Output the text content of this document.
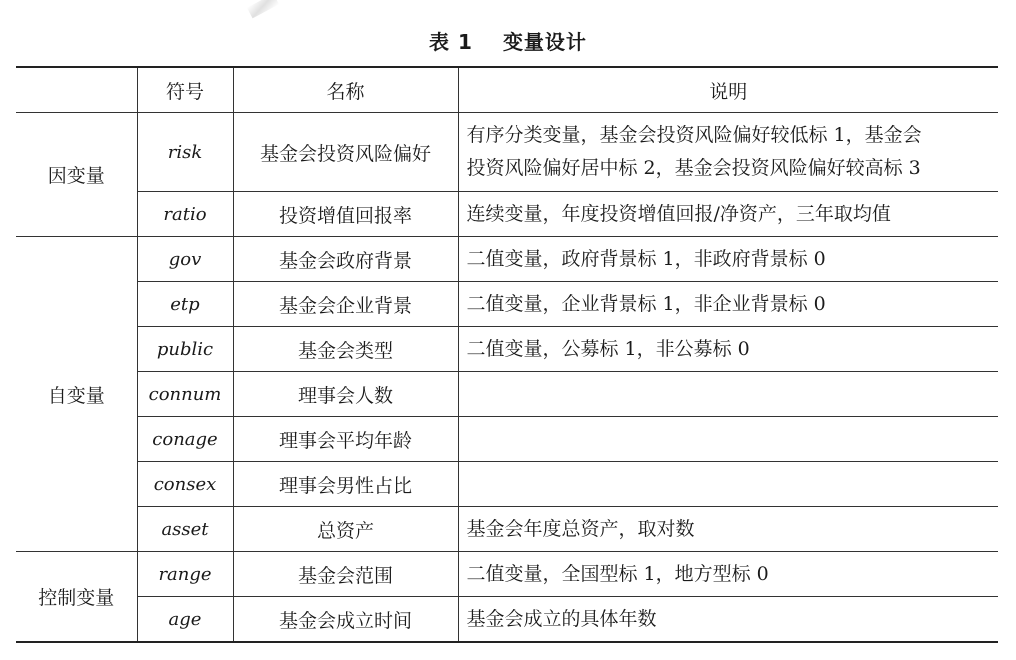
表 1 变量设计
	符号	名称	说明
因变量	risk	基金会投资风险偏好	有序分类变量，基金会投资风险偏好较低标 1，基金会
投资风险偏好居中标 2，基金会投资风险偏好较高标 3

	ratio	投资增值回报率	连续变量，年度投资增值回报/净资产，三年取均值
自变量	gov	基金会政府背景	二值变量，政府背景标 1，非政府背景标 0
	etp	基金会企业背景	二值变量，企业背景标 1，非企业背景标 0
	public	基金会类型	二值变量，公募标 1，非公募标 0
	connum	理事会人数	
	conage	理事会平均年龄	
	consex	理事会男性占比	
	asset	总资产	基金会年度总资产，取对数
控制变量	range	基金会范围	二值变量，全国型标 1，地方型标 0
	age	基金会成立时间	基金会成立的具体年数
